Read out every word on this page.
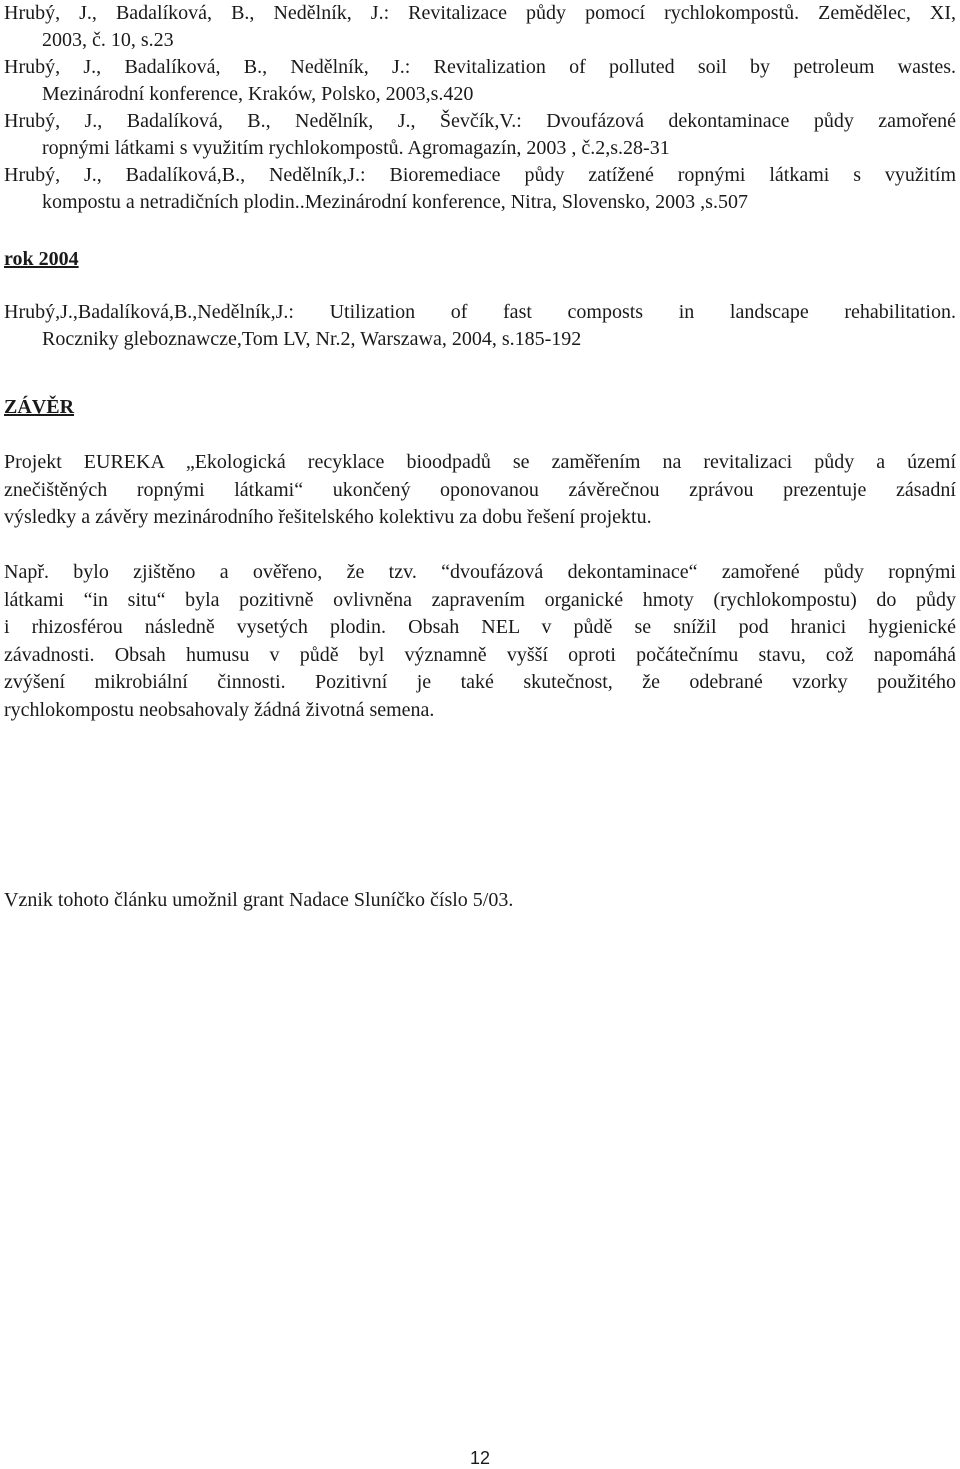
Hrubý, J., Badalíková, B., Nedělník, J.: Revitalizace půdy pomocí rychlokompostů. Zemědělec, XI,
2003, č. 10, s.23
Hrubý, J., Badalíková, B., Nedělník, J.: Revitalization of polluted soil by petroleum wastes.
Mezinárodní konference, Kraków, Polsko, 2003,s.420
Hrubý, J., Badalíková, B., Nedělník, J., Ševčík,V.: Dvoufázová dekontaminace půdy zamořené
ropnými látkami s využitím rychlokompostů. Agromagazín, 2003 , č.2,s.28-31
Hrubý, J., Badalíková,B., Nedělník,J.: Bioremediace půdy zatížené ropnými látkami s využitím
kompostu a netradičních plodin..Mezinárodní konference, Nitra, Slovensko, 2003 ,s.507
rok 2004
Hrubý,J.,Badalíková,B.,Nedělník,J.: Utilization of fast composts in landscape rehabilitation.
Roczniky gleboznawcze,Tom LV, Nr.2, Warszawa, 2004, s.185-192
ZÁVĚR
Projekt EUREKA „Ekologická recyklace bioodpadů se zaměřením na revitalizaci půdy a území
znečištěných ropnými látkami“ ukončený oponovanou závěrečnou zprávou prezentuje zásadní
výsledky a závěry mezinárodního řešitelského kolektivu za dobu řešení projektu.
Např. bylo zjištěno a ověřeno, že tzv. “dvoufázová dekontaminace“ zamořené půdy ropnými
látkami “in situ“ byla pozitivně ovlivněna zapravením organické hmoty (rychlokompostu) do půdy
i rhizosférou následně vysetých plodin. Obsah NEL v půdě se snížil pod hranici hygienické
závadnosti. Obsah humusu v půdě byl významně vyšší oproti počátečnímu stavu, což napomáhá
zvýšení mikrobiální činnosti. Pozitivní je také skutečnost, že odebrané vzorky použitého
rychlokompostu neobsahovaly žádná životná semena.
Vznik tohoto článku umožnil grant Nadace Sluníčko číslo 5/03.
12
